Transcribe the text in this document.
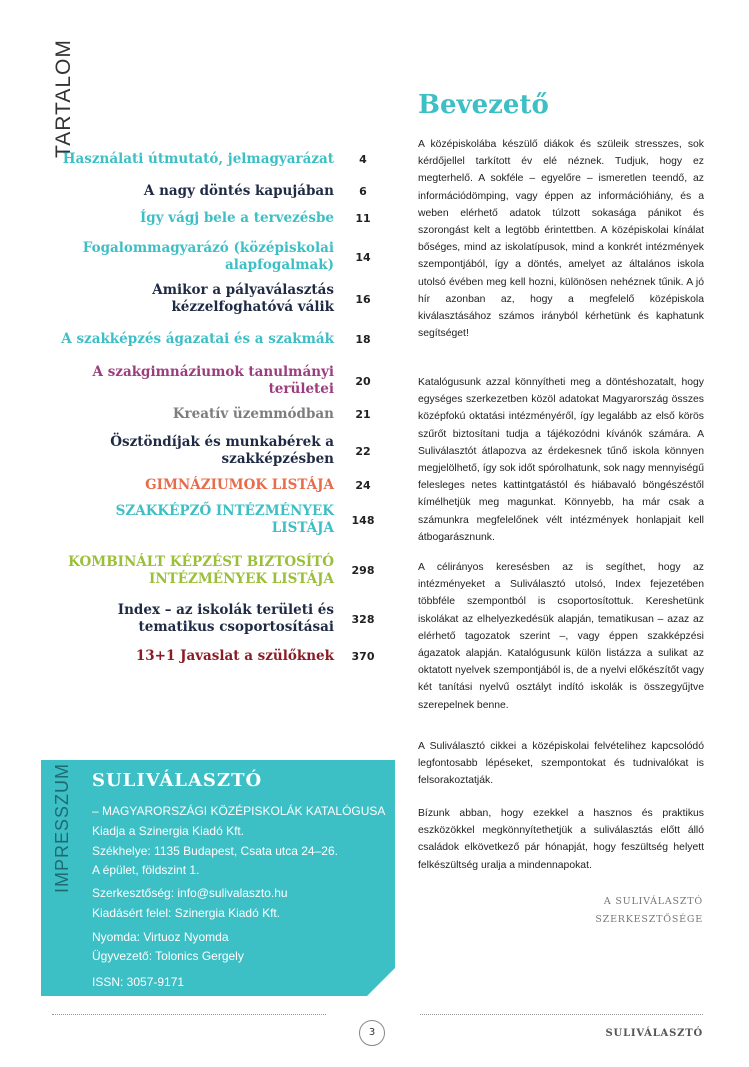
TARTALOM
Használati útmutató, jelmagyarázat	4
A nagy döntés kapujában	6
Így vágj bele a tervezésbe	11
Fogalommagyarázó (középiskolai alapfogalmak)	14
Amikor a pályaválasztás kézzelfoghatóvá válik	16
A szakképzés ágazatai és a szakmák	18
A szakgimnáziumok tanulmányi területei	20
Kreatív üzemmódban	21
Ösztöndíjak és munkabérek a szakképzésben	22
GIMNÁZIUMOK LISTÁJA	24
SZAKKÉPZŐ INTÉZMÉNYEK LISTÁJA	148
KOMBINÁLT KÉPZÉST BIZTOSÍTÓ INTÉZMÉNYEK LISTÁJA	298
Index – az iskolák területi és tematikus csoportosításai	328
13+1 Javaslat a szülőknek	370
IMPRESSZUM SULIVÁLASZTÓ
– MAGYARORSZÁGI KÖZÉPISKOLÁK KATALÓGUSA
Kiadja a Szinergia Kiadó Kft.
Székhelye: 1135 Budapest, Csata utca 24–26.
A épület, földszint 1.
Szerkesztőség: info@sulivalaszto.hu
Kiadásért felel: Szinergia Kiadó Kft.
Nyomda: Virtuoz Nyomda
Ügyvezető: Tolonics Gergely
ISSN: 3057-9171
Bevezető

A középiskolába készülő diákok és szüleik stresszes, sok kérdőjellel tarkított év elé néznek. Tudjuk, hogy ez megterhelő. A sokféle – egyelőre – ismeretlen teendő, az információdömping, vagy éppen az információhiány, és a weben elérhető adatok túlzott sokasága pánikot és szorongást kelt a legtöbb érintettben. A középiskolai kínálat bőséges, mind az iskolatípusok, mind a konkrét intézmények szempontjából, így a döntés, amelyet az általános iskola utolsó évében meg kell hozni, különösen nehéznek tűnik. A jó hír azonban az, hogy a megfelelő középiskola kiválasztásához számos irányból kérhetünk és kaphatunk segítséget!

Katalógusunk azzal könnyítheti meg a döntéshozatalt, hogy egységes szerkezetben közöl adatokat Magyarország összes középfokú oktatási intézményéről, így legalább az első körös szűrőt biztosítani tudja a tájékozódni kívánók számára. A Suliválasztót átlapozva az érdekesnek tűnő iskola könnyen megjelölhető, így sok időt spórolhatunk, sok nagy mennyiségű felesleges netes kattintgatástól és hiábavaló böngészéstől kímélhetjük meg magunkat. Könnyebb, ha már csak a számunkra megfelelőnek vélt intézmények honlapjait kell átbogarásznunk.

A célirányos keresésben az is segíthet, hogy az intézményeket a Suliválasztó utolsó, Index fejezetében többféle szempontból is csoportosítottuk. Kereshetünk iskolákat az elhelyezkedésük alapján, tematikusan – azaz az elérhető tagozatok szerint –, vagy éppen szakképzési ágazatok alapján. Katalógusunk külön listázza a sulikat az oktatott nyelvek szempontjából is, de a nyelvi előkészítőt vagy két tanítási nyelvű osztályt indító iskolák is összegyűjtve szerepelnek benne.

A Suliválasztó cikkei a középiskolai felvételihez kapcsolódó legfontosabb lépéseket, szempontokat és tudnivalókat is felsorakoztatják.

Bízunk abban, hogy ezekkel a hasznos és praktikus eszközökkel megkönnyítethetjük a suliválasztás előtt álló családok elkövetkező pár hónapját, hogy feszültség helyett felkészültség uralja a mindennapokat.

A SULIVÁLASZTÓ
SZERKESZTŐSÉGE
3	SULIVÁLASZTÓ
